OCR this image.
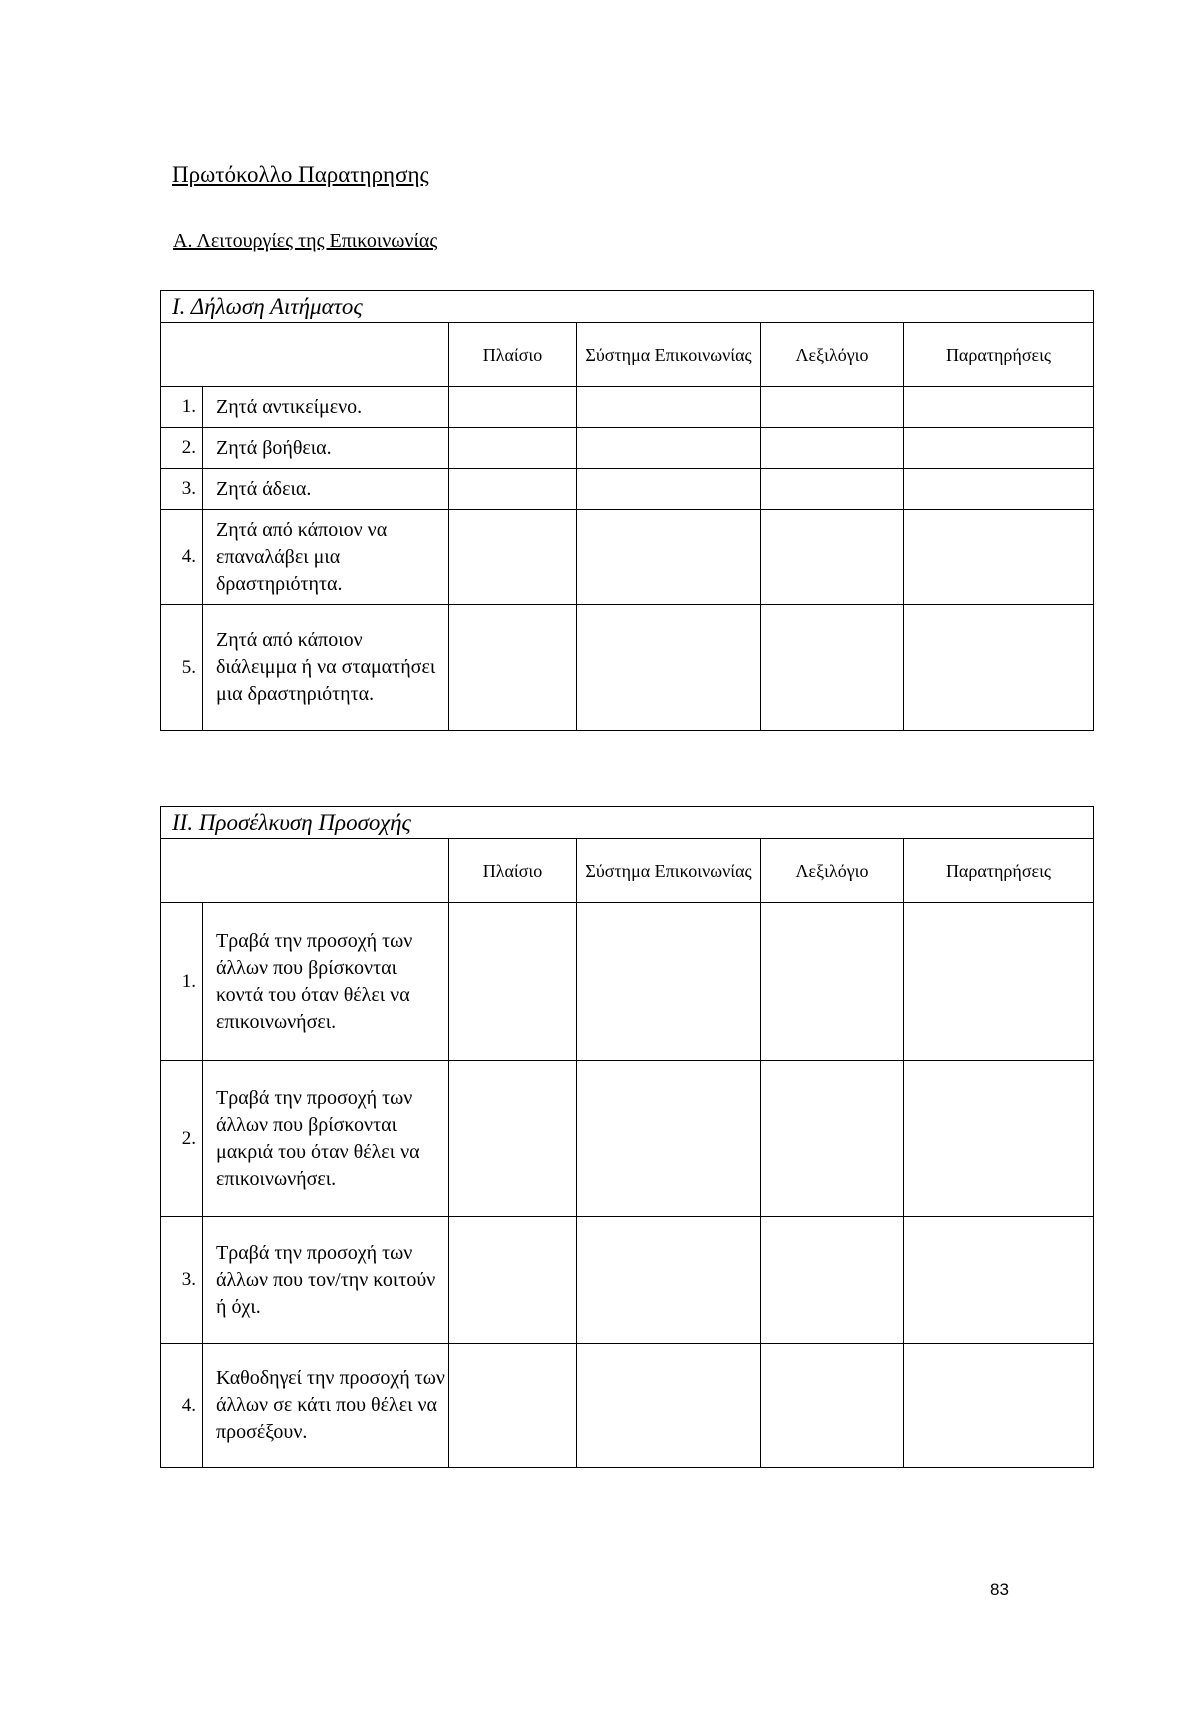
Πρωτόκολλο Παρατηρησης
Α. Λειτουργίες της Επικοινωνίας
Ι. Δήλωση Αιτήματος					
		Πλαίσιο	Σύστημα Επικοινωνίας	Λεξιλόγιο	Παρατηρήσεις
1.	Ζητά αντικείμενο.				
2.	Ζητά βοήθεια.				
3.	Ζητά άδεια.				
4.	Ζητά από κάποιον να επαναλάβει μια δραστηριότητα.				
5.	Ζητά από κάποιον διάλειμμα ή να σταματήσει μια δραστηριότητα.				
ΙΙ. Προσέλκυση Προσοχής					
		Πλαίσιο	Σύστημα Επικοινωνίας	Λεξιλόγιο	Παρατηρήσεις
1.	Τραβά την προσοχή των άλλων που βρίσκονται κοντά του όταν θέλει να επικοινωνήσει.				
2.	Τραβά την προσοχή των άλλων που βρίσκονται μακριά του όταν θέλει να επικοινωνήσει.				
3.	Τραβά την προσοχή των άλλων που τον/την κοιτούν ή όχι.				
4.	Καθοδηγεί την προσοχή των άλλων σε κάτι που θέλει να προσέξουν.				
83
